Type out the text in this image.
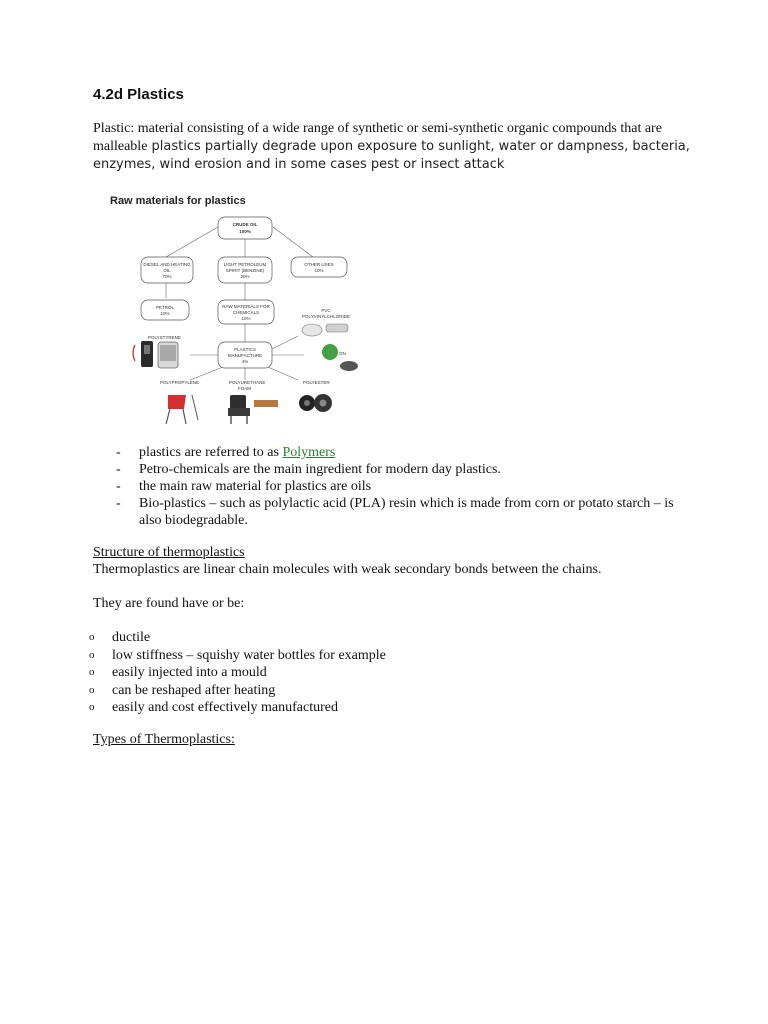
4.2d Plastics
Plastic: material consisting of a wide range of synthetic or semi-synthetic organic compounds that are malleable plastics partially degrade upon exposure to sunlight, water or dampness, bacteria, enzymes, wind erosion and in some cases pest or insect attack
Raw materials for plastics
CRUDE OIL
100%
DIESEL AND HEATING
OIL
70%
LIGHT PETROLEUM
SPIRIT (BENZINE)
20%
OTHER USES
10%
PETROL
10%
RAW MATERIALS FOR
CHEMICALS
10%
PLASTICS
MANUFACTURE
4%
PVC
POLYVINYLCHLORIDE
POLYSTYRENE
POLYPROPYLENE	POLYURETHANE
FOAM
POLYESTER
ON
- plastics are referred to as Polymers
- Petro-chemicals are the main ingredient for modern day plastics.
- the main raw material for plastics are oils
- Bio-plastics – such as polylactic acid (PLA) resin which is made from corn or potato starch – is also biodegradable.
Structure of thermoplastics
Thermoplastics are linear chain molecules with weak secondary bonds between the chains.
They are found have or be:
o ductile
o low stiffness – squishy water bottles for example
o easily injected into a mould
o can be reshaped after heating
o easily and cost effectively manufactured
Types of Thermoplastics:
